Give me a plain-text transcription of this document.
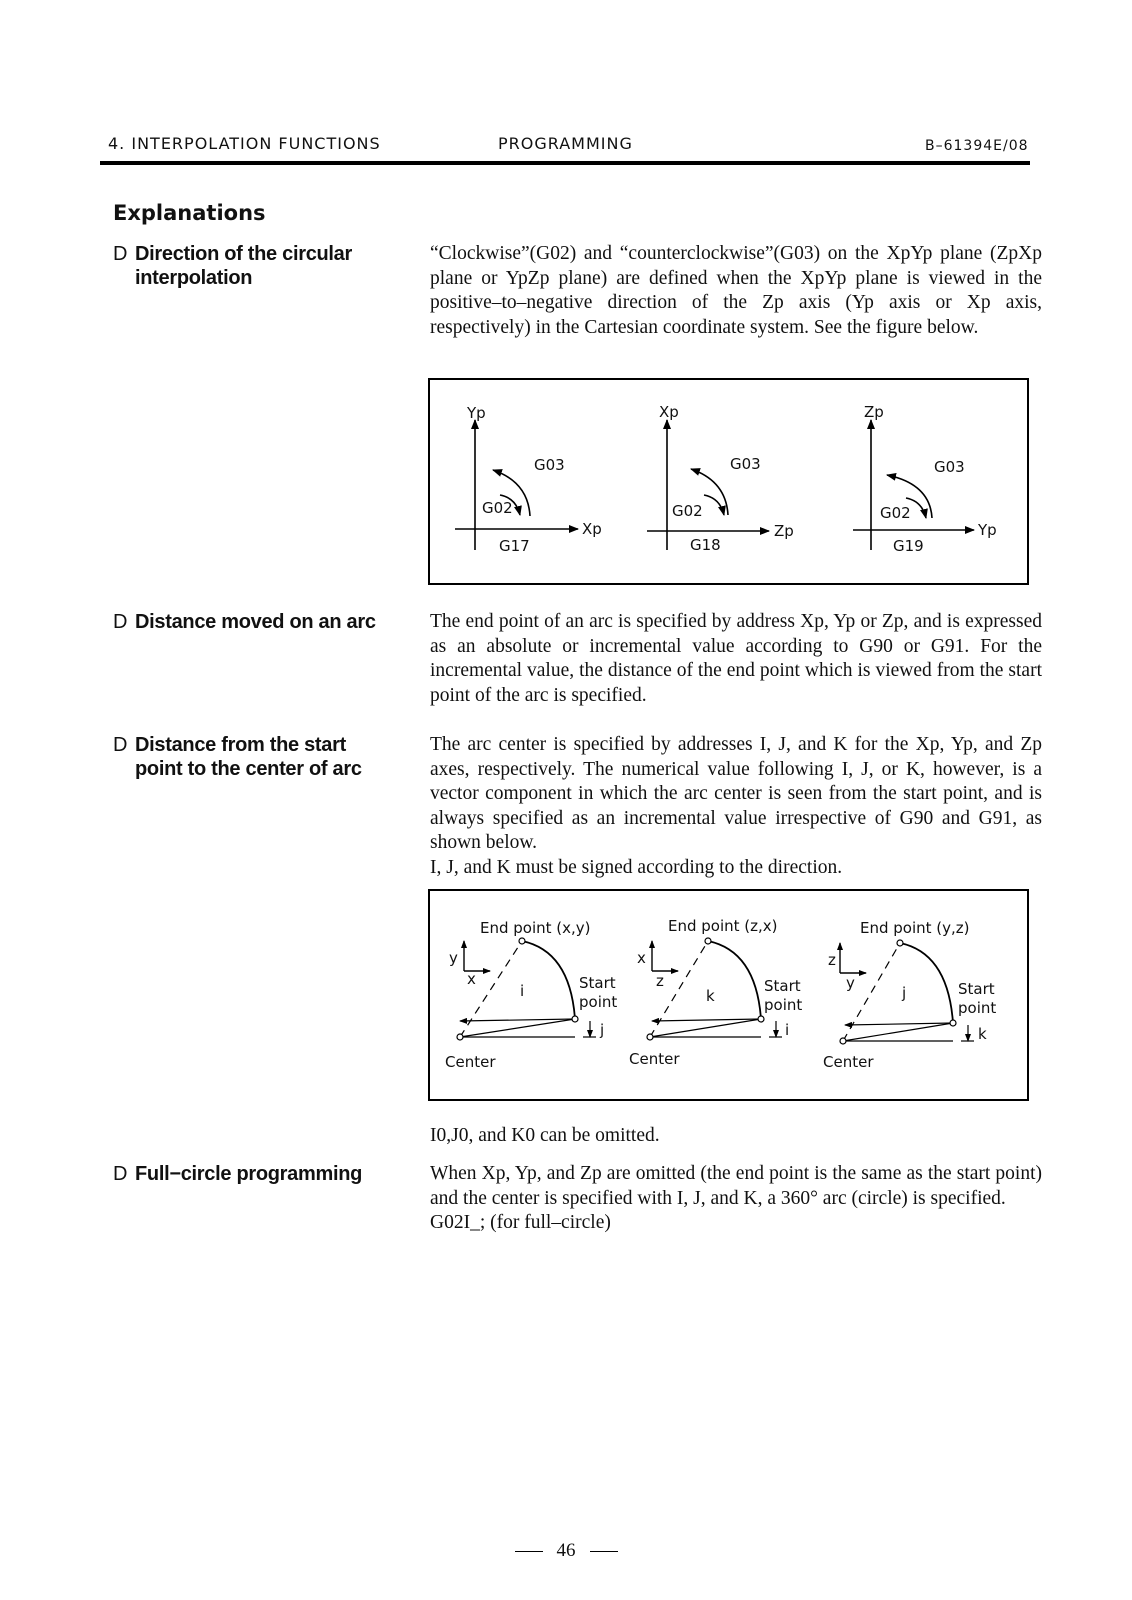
4. INTERPOLATION FUNCTIONS	PROGRAMMING	B–61394E/08
Explanations
D Direction of the circular interpolation

“Clockwise”(G02) and “counterclockwise”(G03) on the XpYp plane (ZpXp plane or YpZp plane) are defined when the XpYp plane is viewed in the positive–to–negative direction of the Zp axis (Yp axis or Xp axis, respectively) in the Cartesian coordinate system. See the figure below.

Yp
Xp
G03
G02
G17
Xp
Zp
G03
G02
G18
Zp
Yp
G03
G02
G19
D Distance moved on an arc	The end point of an arc is specified by address Xp, Yp or Zp, and is expressed as an absolute or incremental value according to G90 or G91. For the incremental value, the distance of the end point which is viewed from the start point of the arc is specified.

D Distance from the start point to the center of arc

The arc center is specified by addresses I, J, and K for the Xp, Yp, and Zp axes, respectively. The numerical value following I, J, or K, however, is a vector component in which the arc center is seen from the start point, and is always specified as an incremental value irrespective of G90 and G91, as shown below.

I, J, and K must be signed according to the direction.

End point (x,y)
y
x
i	Start
point
j
Center
End point (z,x)
x
z
k
Start
point
i
Center
End point (y,z)
z
y
j	Start
point
k
Center
I0,J0, and K0 can be omitted.
D Full−circle programming	When Xp, Yp, and Zp are omitted (the end point is the same as the start point) and the center is specified with I, J, and K, a 360° arc (circle) is specified.

G02I_; (for full–circle)

46
